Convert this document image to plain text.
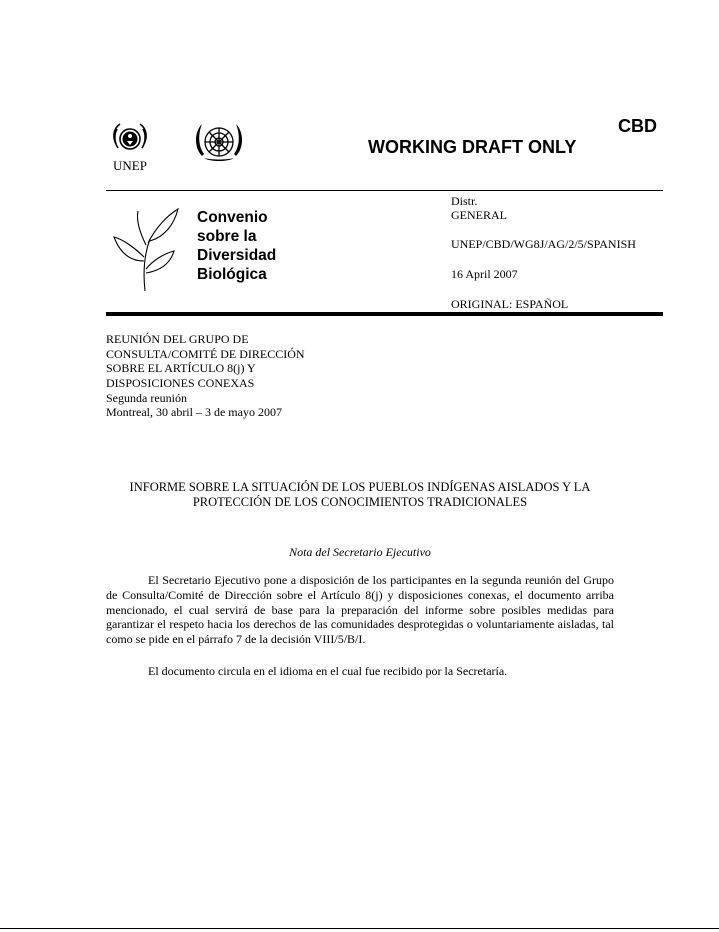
CBD
WORKING DRAFT ONLY
UNEP
Convenio
sobre la
Diversidad
Biológica
Distr.
GENERAL
UNEP/CBD/WG8J/AG/2/5/SPANISH
16 April 2007
ORIGINAL: ESPAÑOL
REUNIÓN DEL GRUPO DE
CONSULTA/COMITÉ DE DIRECCIÓN
SOBRE EL ARTÍCULO 8(j) Y
DISPOSICIONES CONEXAS
Segunda reunión
Montreal, 30 abril – 3 de mayo 2007
INFORME SOBRE LA SITUACIÓN DE LOS PUEBLOS INDÍGENAS AISLADOS Y LA
PROTECCIÓN DE LOS CONOCIMIENTOS TRADICIONALES
Nota del Secretario Ejecutivo

El Secretario Ejecutivo pone a disposición de los participantes en la segunda reunión del Grupo de Consulta/Comité de Dirección sobre el Artículo 8(j) y disposiciones conexas, el documento arriba mencionado, el cual servirá de base para la preparación del informe sobre posibles medidas para garantizar el respeto hacia los derechos de las comunidades desprotegidas o voluntariamente aisladas, tal como se pide en el párrafo 7 de la decisión VIII/5/B/I.

El documento circula en el idioma en el cual fue recibido por la Secretaría.
